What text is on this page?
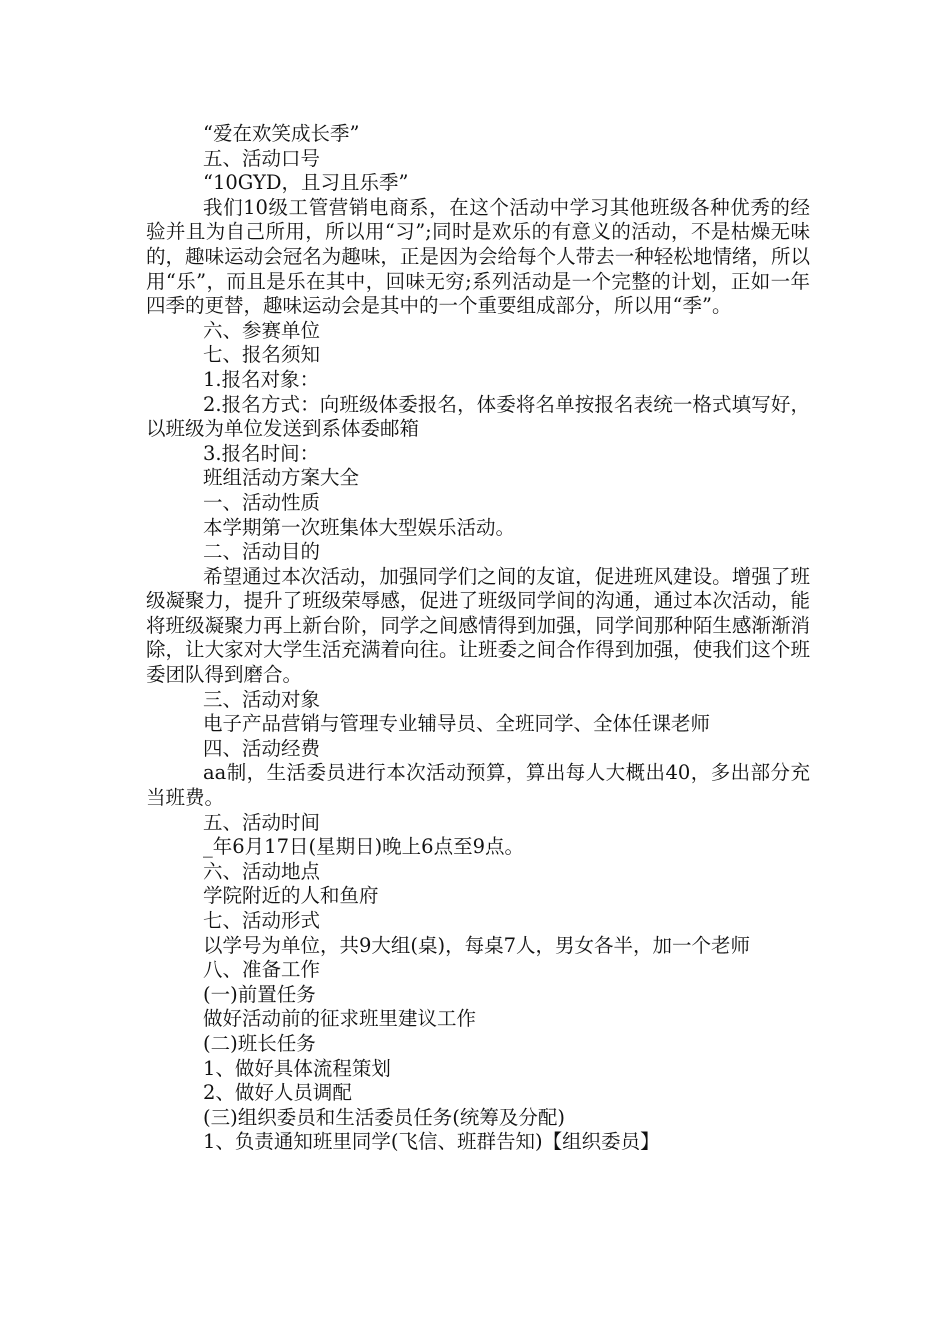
“爱在欢笑成长季”

五、活动口号

“10GYD，且习且乐季”

我们10级工管营销电商系，在这个活动中学习其他班级各种优秀的经验并且为自己所用，所以用“习”;同时是欢乐的有意义的活动，不是枯燥无味的，趣味运动会冠名为趣味，正是因为会给每个人带去一种轻松地情绪，所以用“乐”，而且是乐在其中，回味无穷;系列活动是一个完整的计划，正如一年四季的更替，趣味运动会是其中的一个重要组成部分，所以用“季”。

六、参赛单位

七、报名须知

1.报名对象：

2.报名方式：向班级体委报名，体委将名单按报名表统一格式填写好，以班级为单位发送到系体委邮箱

3.报名时间：

班组活动方案大全

一、活动性质

本学期第一次班集体大型娱乐活动。

二、活动目的

希望通过本次活动，加强同学们之间的友谊，促进班风建设。增强了班级凝聚力，提升了班级荣辱感，促进了班级同学间的沟通，通过本次活动，能将班级凝聚力再上新台阶，同学之间感情得到加强，同学间那种陌生感渐渐消除，让大家对大学生活充满着向往。让班委之间合作得到加强，使我们这个班委团队得到磨合。

三、活动对象

电子产品营销与管理专业辅导员、全班同学、全体任课老师

四、活动经费

aa制，生活委员进行本次活动预算，算出每人大概出40，多出部分充当班费。

五、活动时间

_年6月17日(星期日)晚上6点至9点。

六、活动地点

学院附近的人和鱼府

七、活动形式

以学号为单位，共9大组(桌)，每桌7人，男女各半，加一个老师

八、准备工作

(一)前置任务

做好活动前的征求班里建议工作

(二)班长任务

1、做好具体流程策划

2、做好人员调配

(三)组织委员和生活委员任务(统筹及分配)

1、负责通知班里同学(飞信、班群告知)【组织委员】
